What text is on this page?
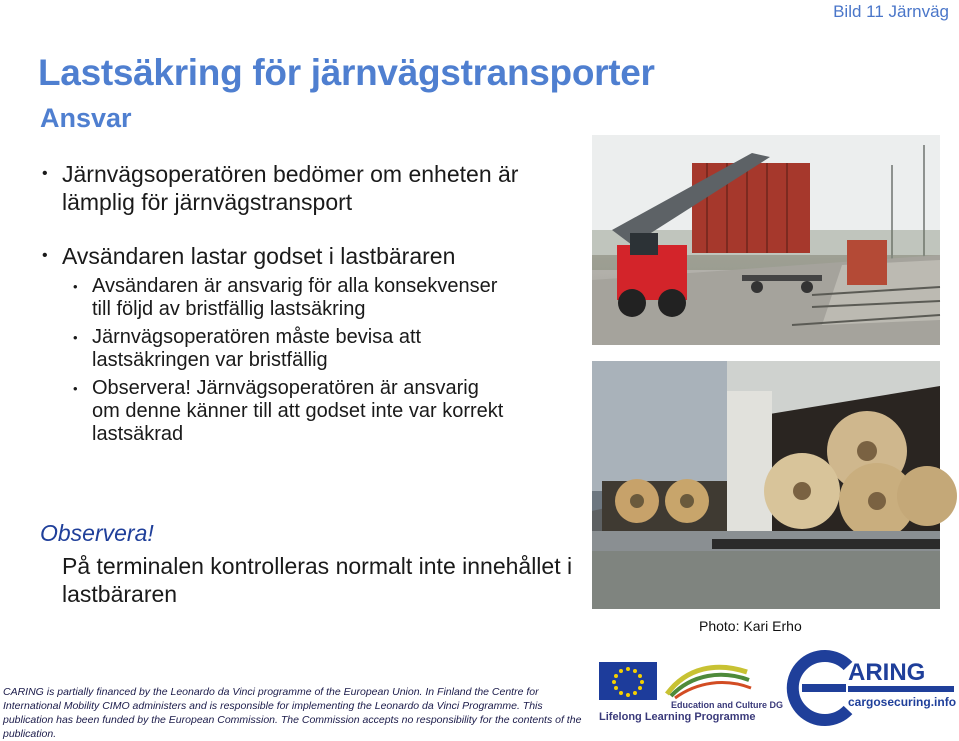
Bild 11 Järnväg
Lastsäkring för järnvägstransporter
Ansvar
• Järnvägsoperatören bedömer om enheten är lämplig för järnvägstransport
• Avsändaren lastar godset i lastbäraren
• Avsändaren är ansvarig för alla konsekvenser till följd av bristfällig lastsäkring
• Järnvägsoperatören måste bevisa att lastsäkringen var bristfällig
• Observera! Järnvägsoperatören är ansvarig om denne känner till att godset inte var korrekt lastsäkrad
Observera!
På terminalen kontrolleras normalt inte innehållet i lastbäraren
Photo: Kari Erho
CARING is partially financed by the Leonardo da Vinci programme of the European Union. In Finland the Centre for International Mobility CIMO administers and is responsible for implementing the Leonardo da Vinci Programme. This publication has been funded by the European Commission. The Commission accepts no responsibility for the contents of the publication.
Education and Culture DG
Lifelong Learning Programme
ARING
cargosecuring.info
